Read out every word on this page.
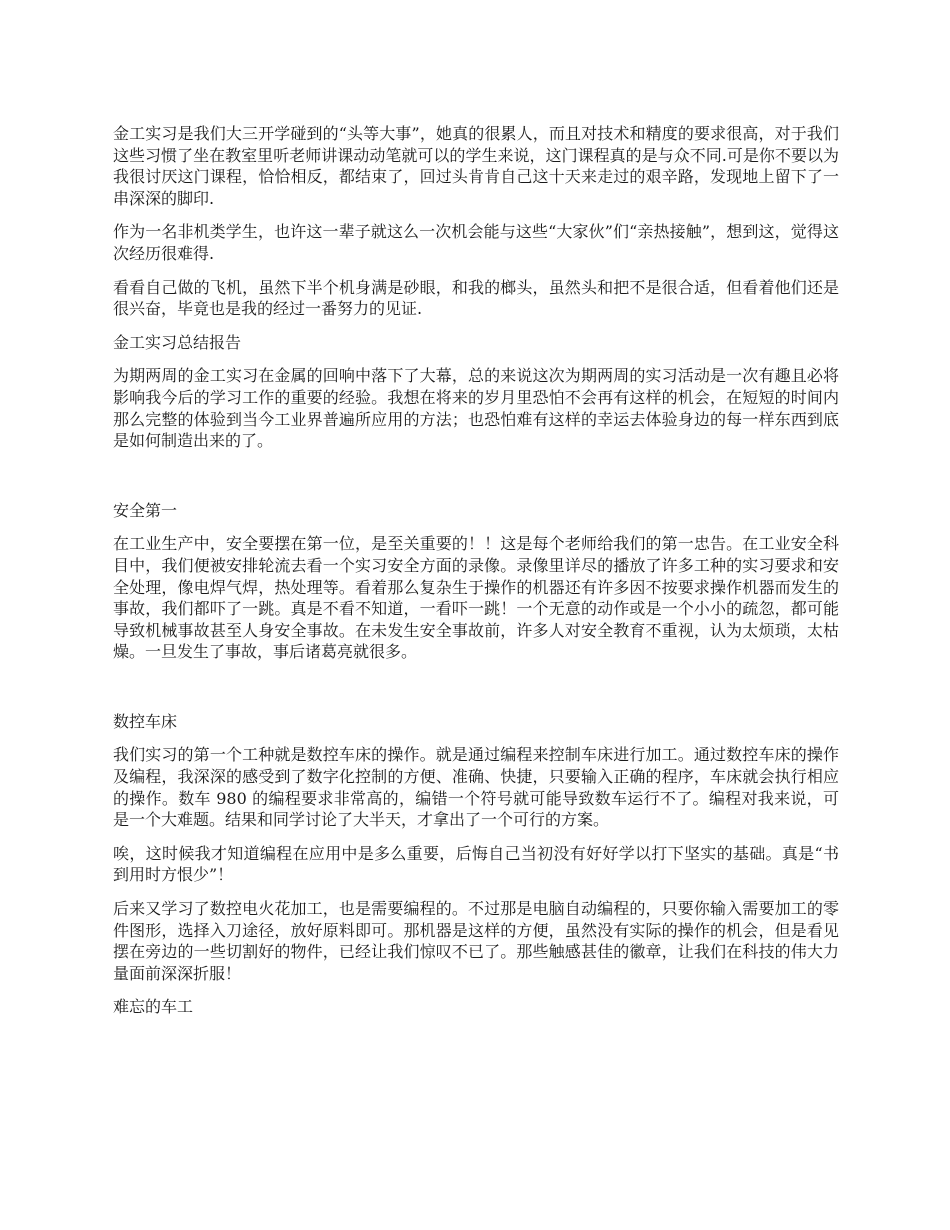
金工实习是我们大三开学碰到的“头等大事”，她真的很累人，而且对技术和精度的要求很高，对于我们这些习惯了坐在教室里听老师讲课动动笔就可以的学生来说，这门课程真的是与众不同.可是你不要以为我很讨厌这门课程，恰恰相反，都结束了，回过头肯肯自己这十天来走过的艰辛路，发现地上留下了一串深深的脚印.

作为一名非机类学生，也许这一辈子就这么一次机会能与这些“大家伙”们“亲热接触”，想到这，觉得这次经历很难得.

看看自己做的飞机，虽然下半个机身满是砂眼，和我的榔头，虽然头和把不是很合适，但看着他们还是很兴奋，毕竟也是我的经过一番努力的见证.

金工实习总结报告

为期两周的金工实习在金属的回响中落下了大幕，总的来说这次为期两周的实习活动是一次有趣且必将影响我今后的学习工作的重要的经验。我想在将来的岁月里恐怕不会再有这样的机会，在短短的时间内那么完整的体验到当今工业界普遍所应用的方法；也恐怕难有这样的幸运去体验身边的每一样东西到底是如何制造出来的了。

安全第一

在工业生产中，安全要摆在第一位，是至关重要的！！这是每个老师给我们的第一忠告。在工业安全科目中，我们便被安排轮流去看一个实习安全方面的录像。录像里详尽的播放了许多工种的实习要求和安全处理，像电焊气焊，热处理等。看着那么复杂生于操作的机器还有许多因不按要求操作机器而发生的事故，我们都吓了一跳。真是不看不知道，一看吓一跳！一个无意的动作或是一个小小的疏忽，都可能导致机械事故甚至人身安全事故。在未发生安全事故前，许多人对安全教育不重视，认为太烦琐，太枯燥。一旦发生了事故，事后诸葛亮就很多。

数控车床

我们实习的第一个工种就是数控车床的操作。就是通过编程来控制车床进行加工。通过数控车床的操作及编程，我深深的感受到了数字化控制的方便、准确、快捷，只要输入正确的程序，车床就会执行相应的操作。数车 980 的编程要求非常高的，编错一个符号就可能导致数车运行不了。编程对我来说，可是一个大难题。结果和同学讨论了大半天，才拿出了一个可行的方案。

唉，这时候我才知道编程在应用中是多么重要，后悔自己当初没有好好学以打下坚实的基础。真是“书到用时方恨少”！

后来又学习了数控电火花加工，也是需要编程的。不过那是电脑自动编程的，只要你输入需要加工的零件图形，选择入刀途径，放好原料即可。那机器是这样的方便，虽然没有实际的操作的机会，但是看见摆在旁边的一些切割好的物件，已经让我们惊叹不已了。那些触感甚佳的徽章，让我们在科技的伟大力量面前深深折服！

难忘的车工
